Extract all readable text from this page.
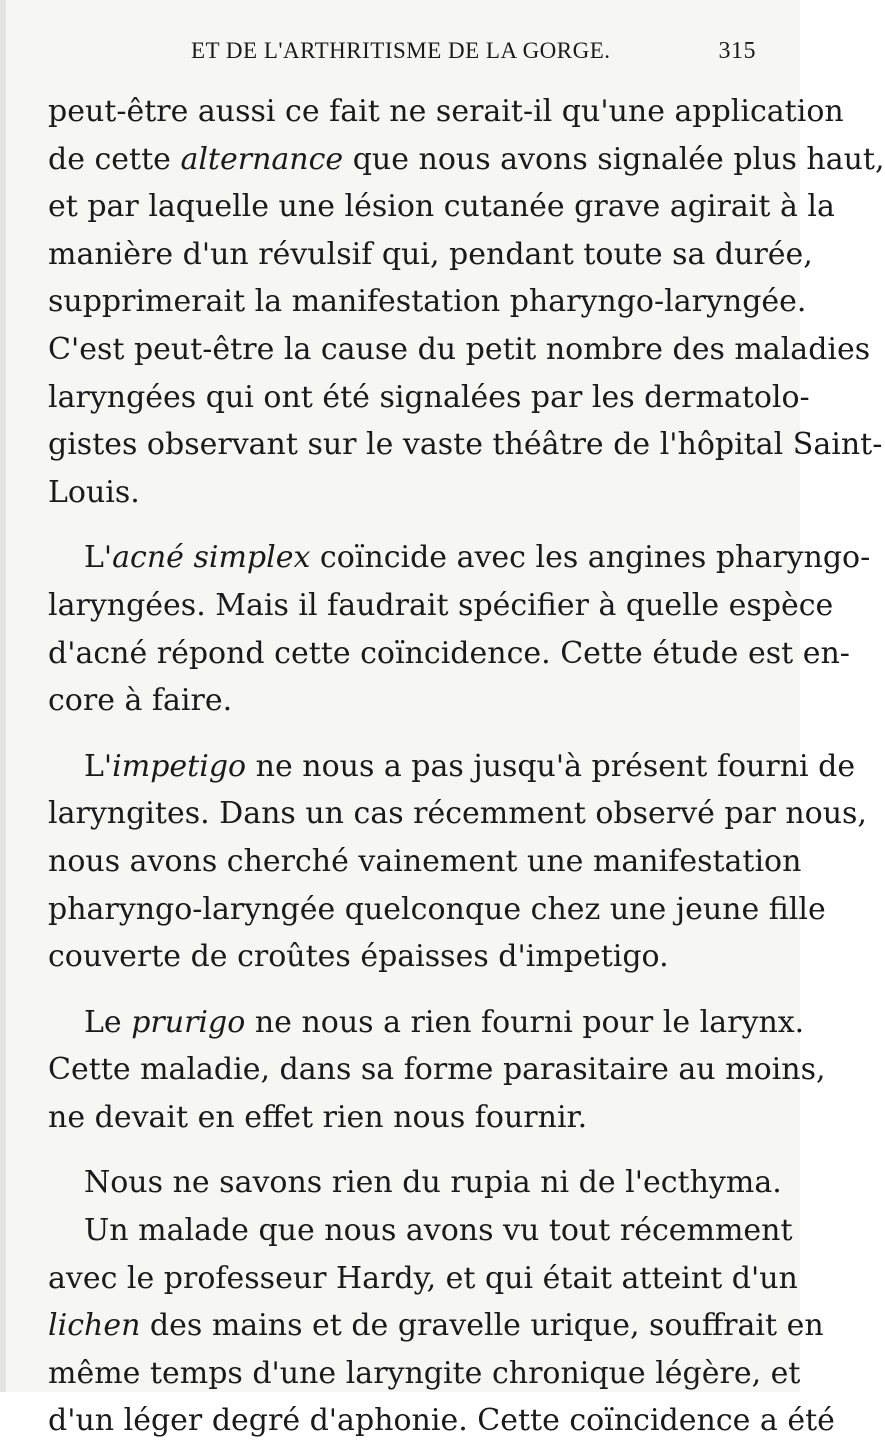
ET DE L'ARTHRITISME DE LA GORGE.	315
peut-être aussi ce fait ne serait-il qu'une application
de cette alternance que nous avons signalée plus haut,
et par laquelle une lésion cutanée grave agirait à la
manière d'un révulsif qui, pendant toute sa durée,
supprimerait la manifestation pharyngo-laryngée.
C'est peut-être la cause du petit nombre des maladies
laryngées qui ont été signalées par les dermatolo-
gistes observant sur le vaste théâtre de l'hôpital Saint-
Louis.
L'acné simplex coïncide avec les angines pharyngo-
laryngées. Mais il faudrait spécifier à quelle espèce
d'acné répond cette coïncidence. Cette étude est en-
core à faire.
L'impetigo ne nous a pas jusqu'à présent fourni de
laryngites. Dans un cas récemment observé par nous,
nous avons cherché vainement une manifestation
pharyngo-laryngée quelconque chez une jeune fille
couverte de croûtes épaisses d'impetigo.
Le prurigo ne nous a rien fourni pour le larynx.
Cette maladie, dans sa forme parasitaire au moins,
ne devait en effet rien nous fournir.
Nous ne savons rien du rupia ni de l'ecthyma.
Un malade que nous avons vu tout récemment
avec le professeur Hardy, et qui était atteint d'un
lichen des mains et de gravelle urique, souffrait en
même temps d'une laryngite chronique légère, et
d'un léger degré d'aphonie. Cette coïncidence a été
